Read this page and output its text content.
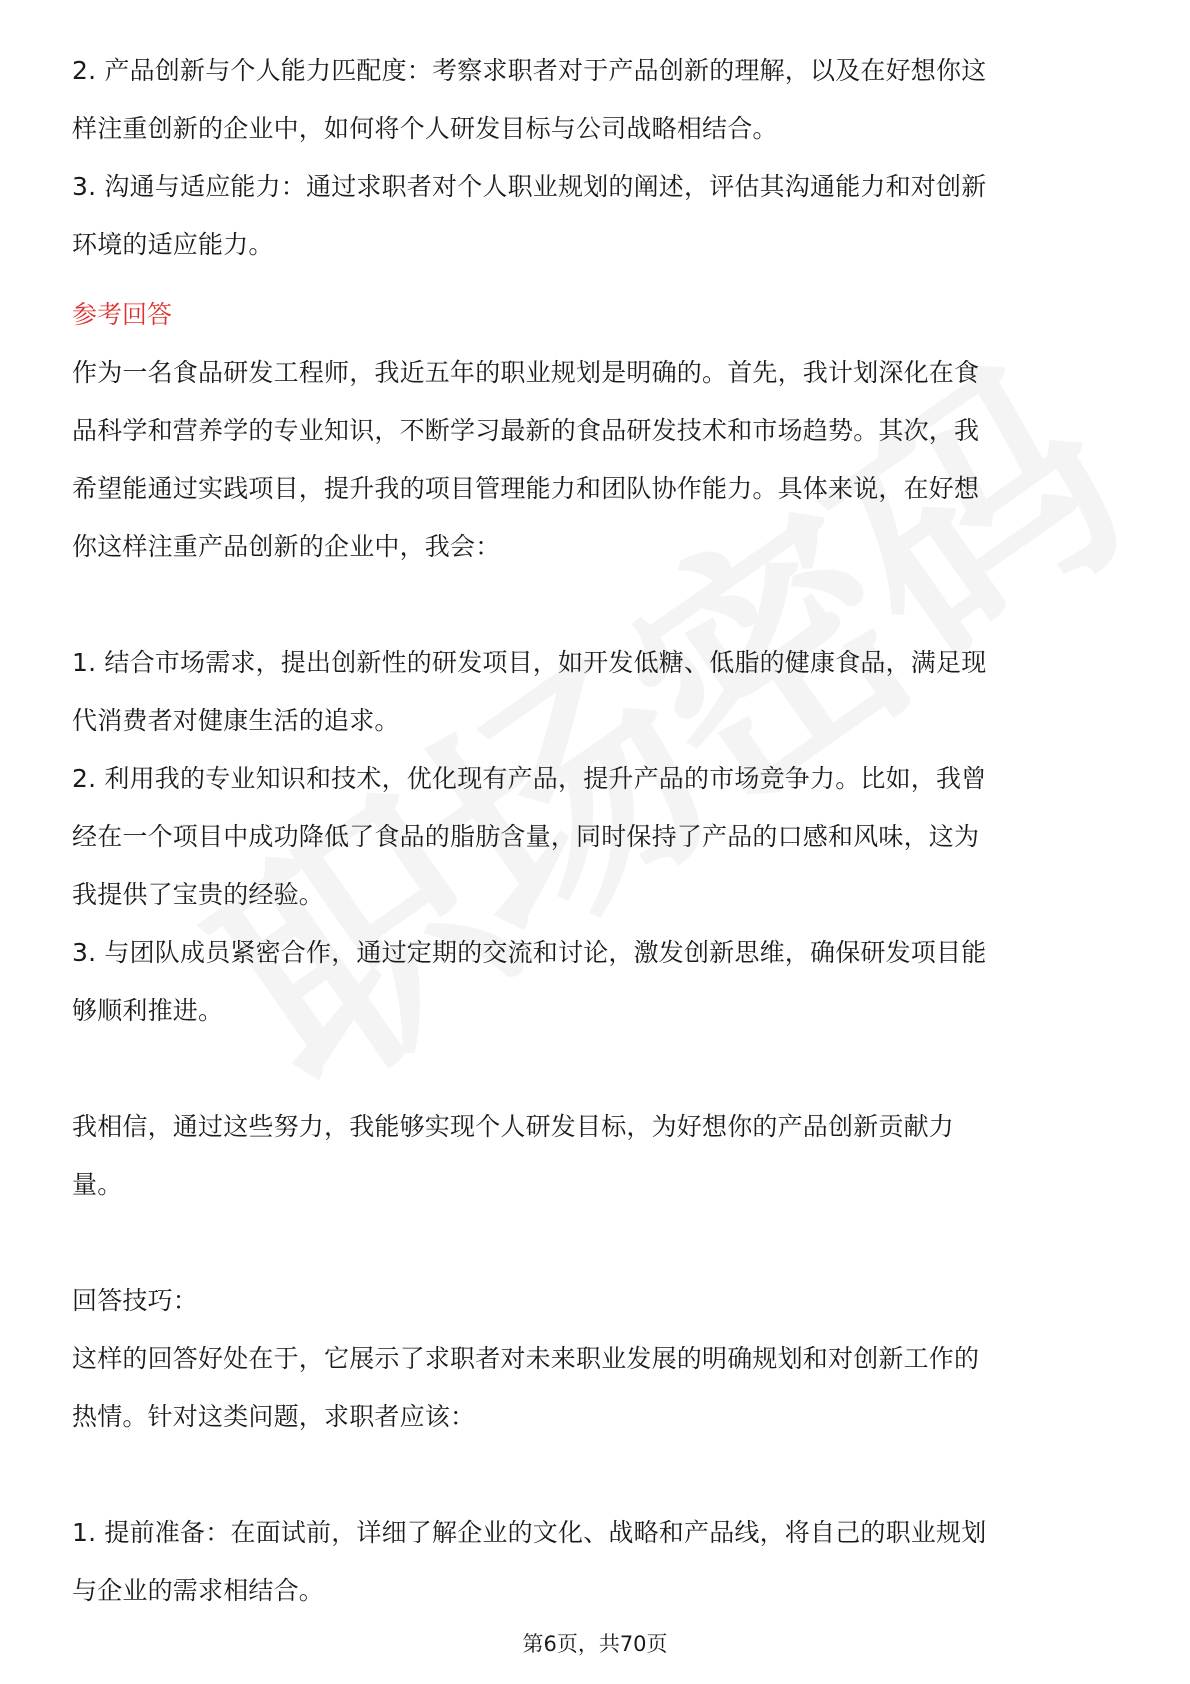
2. 产品创新与个人能力匹配度：考察求职者对于产品创新的理解，以及在好想你这
样注重创新的企业中，如何将个人研发目标与公司战略相结合。
3. 沟通与适应能力：通过求职者对个人职业规划的阐述，评估其沟通能力和对创新
环境的适应能力。
参考回答
作为一名食品研发工程师，我近五年的职业规划是明确的。首先，我计划深化在食
品科学和营养学的专业知识，不断学习最新的食品研发技术和市场趋势。其次，我
希望能通过实践项目，提升我的项目管理能力和团队协作能力。具体来说，在好想
你这样注重产品创新的企业中，我会：
1. 结合市场需求，提出创新性的研发项目，如开发低糖、低脂的健康食品，满足现
代消费者对健康生活的追求。
2. 利用我的专业知识和技术，优化现有产品，提升产品的市场竞争力。比如，我曾
经在一个项目中成功降低了食品的脂肪含量，同时保持了产品的口感和风味，这为
我提供了宝贵的经验。
3. 与团队成员紧密合作，通过定期的交流和讨论，激发创新思维，确保研发项目能
够顺利推进。
我相信，通过这些努力，我能够实现个人研发目标，为好想你的产品创新贡献力
量。
回答技巧：
这样的回答好处在于，它展示了求职者对未来职业发展的明确规划和对创新工作的
热情。针对这类问题，求职者应该：
1. 提前准备：在面试前，详细了解企业的文化、战略和产品线，将自己的职业规划
与企业的需求相结合。
第6页，共70页
